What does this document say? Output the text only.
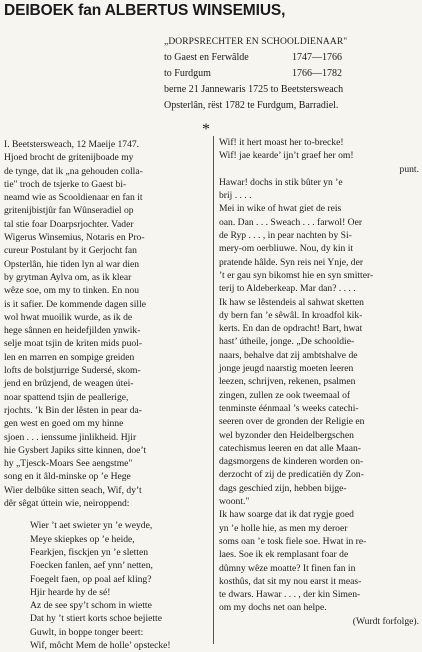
DEIBOEK fan ALBERTUS WINSEMIUS,
„DORPSRECHTER EN SCHOOLDIENAAR"
to Gaest en Ferwâlde	1747—1766
to Furdgum	1766—1782
berne 21 Jannewaris 1725 to Beetstersweach
Opsterlân, rëst 1782 te Furdgum, Barradiel.
*

I. Beetstersweach, 12 Maeije 1747.

Hjoed brocht de gritenijboade my

de tynge, dat ik „na gehouden colla-

tie" troch de tsjerke to Gaest bi-

neamd wie as Scooldienaar en fan it

gritenijbistjûr fan Wûnseradiel op

tal stie foar Doarpsrjochter. Vader

Wigerus Winsemius, Notaris en Pro-

cureur Postulant by it Gerjocht fan

Opsterlân, hie tiden lyn al war dien

by grytman Aylva om, as ik klear

wêze soe, om my to tinken. En nou

is it safier. De kommende dagen sille

wol hwat muoilik wurde, as ik de

hege sânnen en heidefjilden ynwik-

selje moat tsjin de kriten mids puol-

len en marren en sompige greiden

lofts de bolstjurrige Sudersé, skom-

jend en brûzjend, de weagen útei-

noar spattend tsjin de peallerige,

rjochts. ’k Bin der lêsten in pear da-

gen west en goed om my hinne

sjoen . . . ienssume jinlikheid. Hjir

hie Gysbert Japiks sitte kinnen, doe’t

hy „Tjesck-Moars See aengstme"

song en it âld-minske op ’e Hege

Wier delbûke sitten seach, Wif, dy’t

dêr sêgat úttein wie, neiroppend:

Wier ’t aet swieter yn ’e weyde,

Meye skiepkes op ’e heide,

Fearkjen, fisckjen yn ’e sletten

Foecken fanlen, aef ynn’ netten,

Foegelt faen, op poal aef kling?

Hjir hearde hy de sé!

Az de see spy’t schom in wiette

Dat hy ’t stiert korts schoe bejiette

Guwlt, in boppe tonger beert:

Wif, môcht Mem de holle’ opstecke!

Wif! it hert moast her to-brecke!

Wif! jae kearde’ ijn’t graef her om!

punt.

Hawar! dochs in stik bûter yn ’e

brij . . . .

Mei in wike of hwat giet de reis

oan. Dan . . . Sweach . . . farwol! Oer

de Ryp . . . , in pear nachten by Si-

mery-om oerbliuwe. Nou, dy kin it

pratende hâlde. Syn reis nei Ynje, der

’t er gau syn bikomst hie en syn smitter-

terij to Aldeberkeap. Mar dan? . . . .

Ik haw se lêstendeis al sahwat sketten

dy bern fan ’e sêwâl. In kroadfol kik-

kerts. En dan de opdracht! Bart, hwat

hast’ útheile, jonge. „De schooldie-

naars, behalve dat zij ambtshalve de

jonge jeugd naarstig moeten leeren

leezen, schrijven, rekenen, psalmen

zingen, zullen ze ook tweemaal of

tenminste éénmaal ’s weeks catechi-

seeren over de gronden der Religie en

wel byzonder den Heidelbergschen

catechismus leeren en dat alle Maan-

dagsmorgens de kinderen worden on-

derzocht of zij de predicatiën dy Zon-

dags geschied zijn, hebben bijge-

woont."

Ik haw soarge dat ik dat rygje goed

yn ’e holle hie, as men my deroer

soms oan ’e tosk fiele soe. Hwat in re-

laes. Soe ik ek remplasant foar de

dûmny wêze moatte? It finen fan in

kosthûs, dat sit my nou earst it meas-

te dwars. Hawar . . . , der kin Simen-

om my dochs net oan helpe.

(Wurdt forfolge).
